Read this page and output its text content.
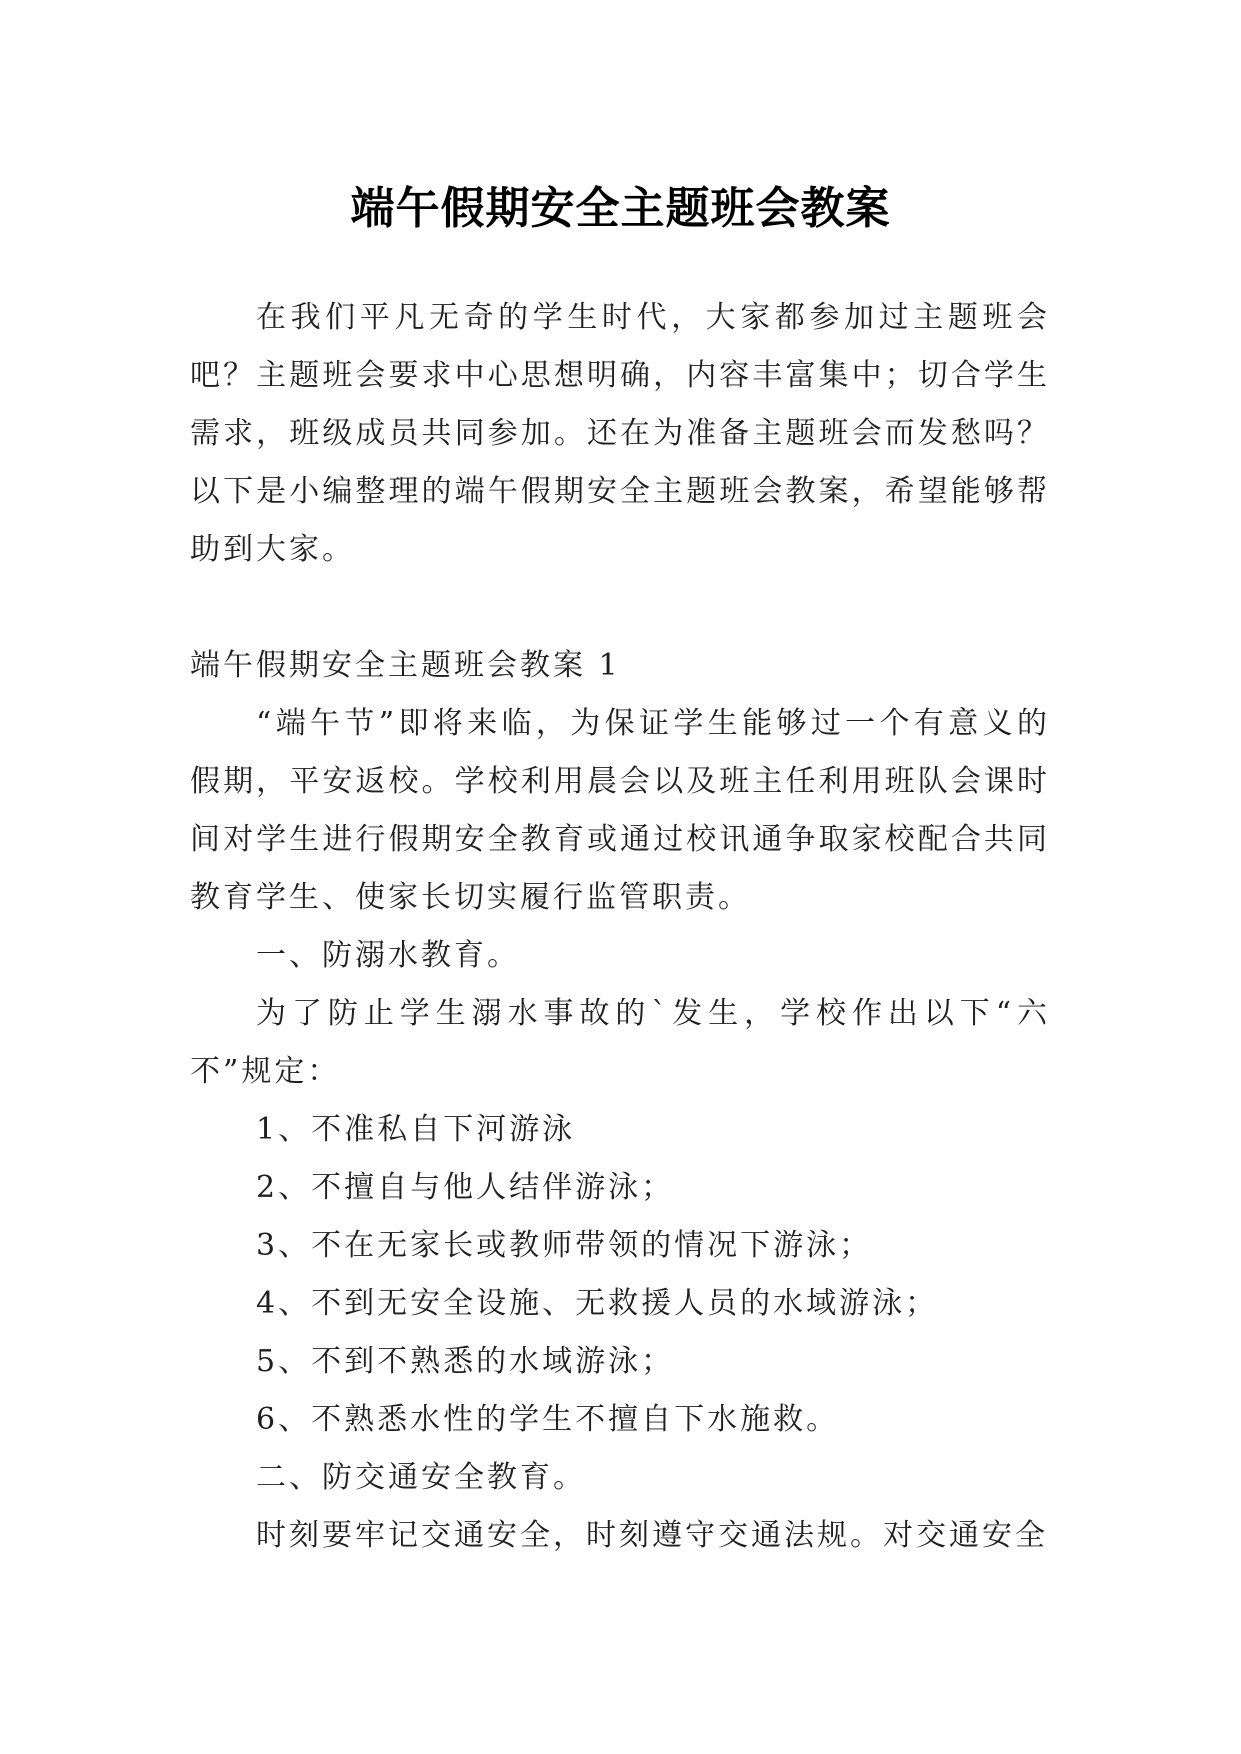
端午假期安全主题班会教案

在我们平凡无奇的学生时代，大家都参加过主题班会吧？主题班会要求中心思想明确，内容丰富集中；切合学生需求，班级成员共同参加。还在为准备主题班会而发愁吗？以下是小编整理的端午假期安全主题班会教案，希望能够帮助到大家。

端午假期安全主题班会教案 1

“端午节”即将来临，为保证学生能够过一个有意义的假期，平安返校。学校利用晨会以及班主任利用班队会课时间对学生进行假期安全教育或通过校讯通争取家校配合共同教育学生、使家长切实履行监管职责。

一、防溺水教育。

为了防止学生溺水事故的`发生，学校作出以下“六不”规定：

1、不准私自下河游泳

2、不擅自与他人结伴游泳；

3、不在无家长或教师带领的情况下游泳；

4、不到无安全设施、无救援人员的水域游泳；

5、不到不熟悉的水域游泳；

6、不熟悉水性的学生不擅自下水施救。

二、防交通安全教育。

时刻要牢记交通安全，时刻遵守交通法规。对交通安全
